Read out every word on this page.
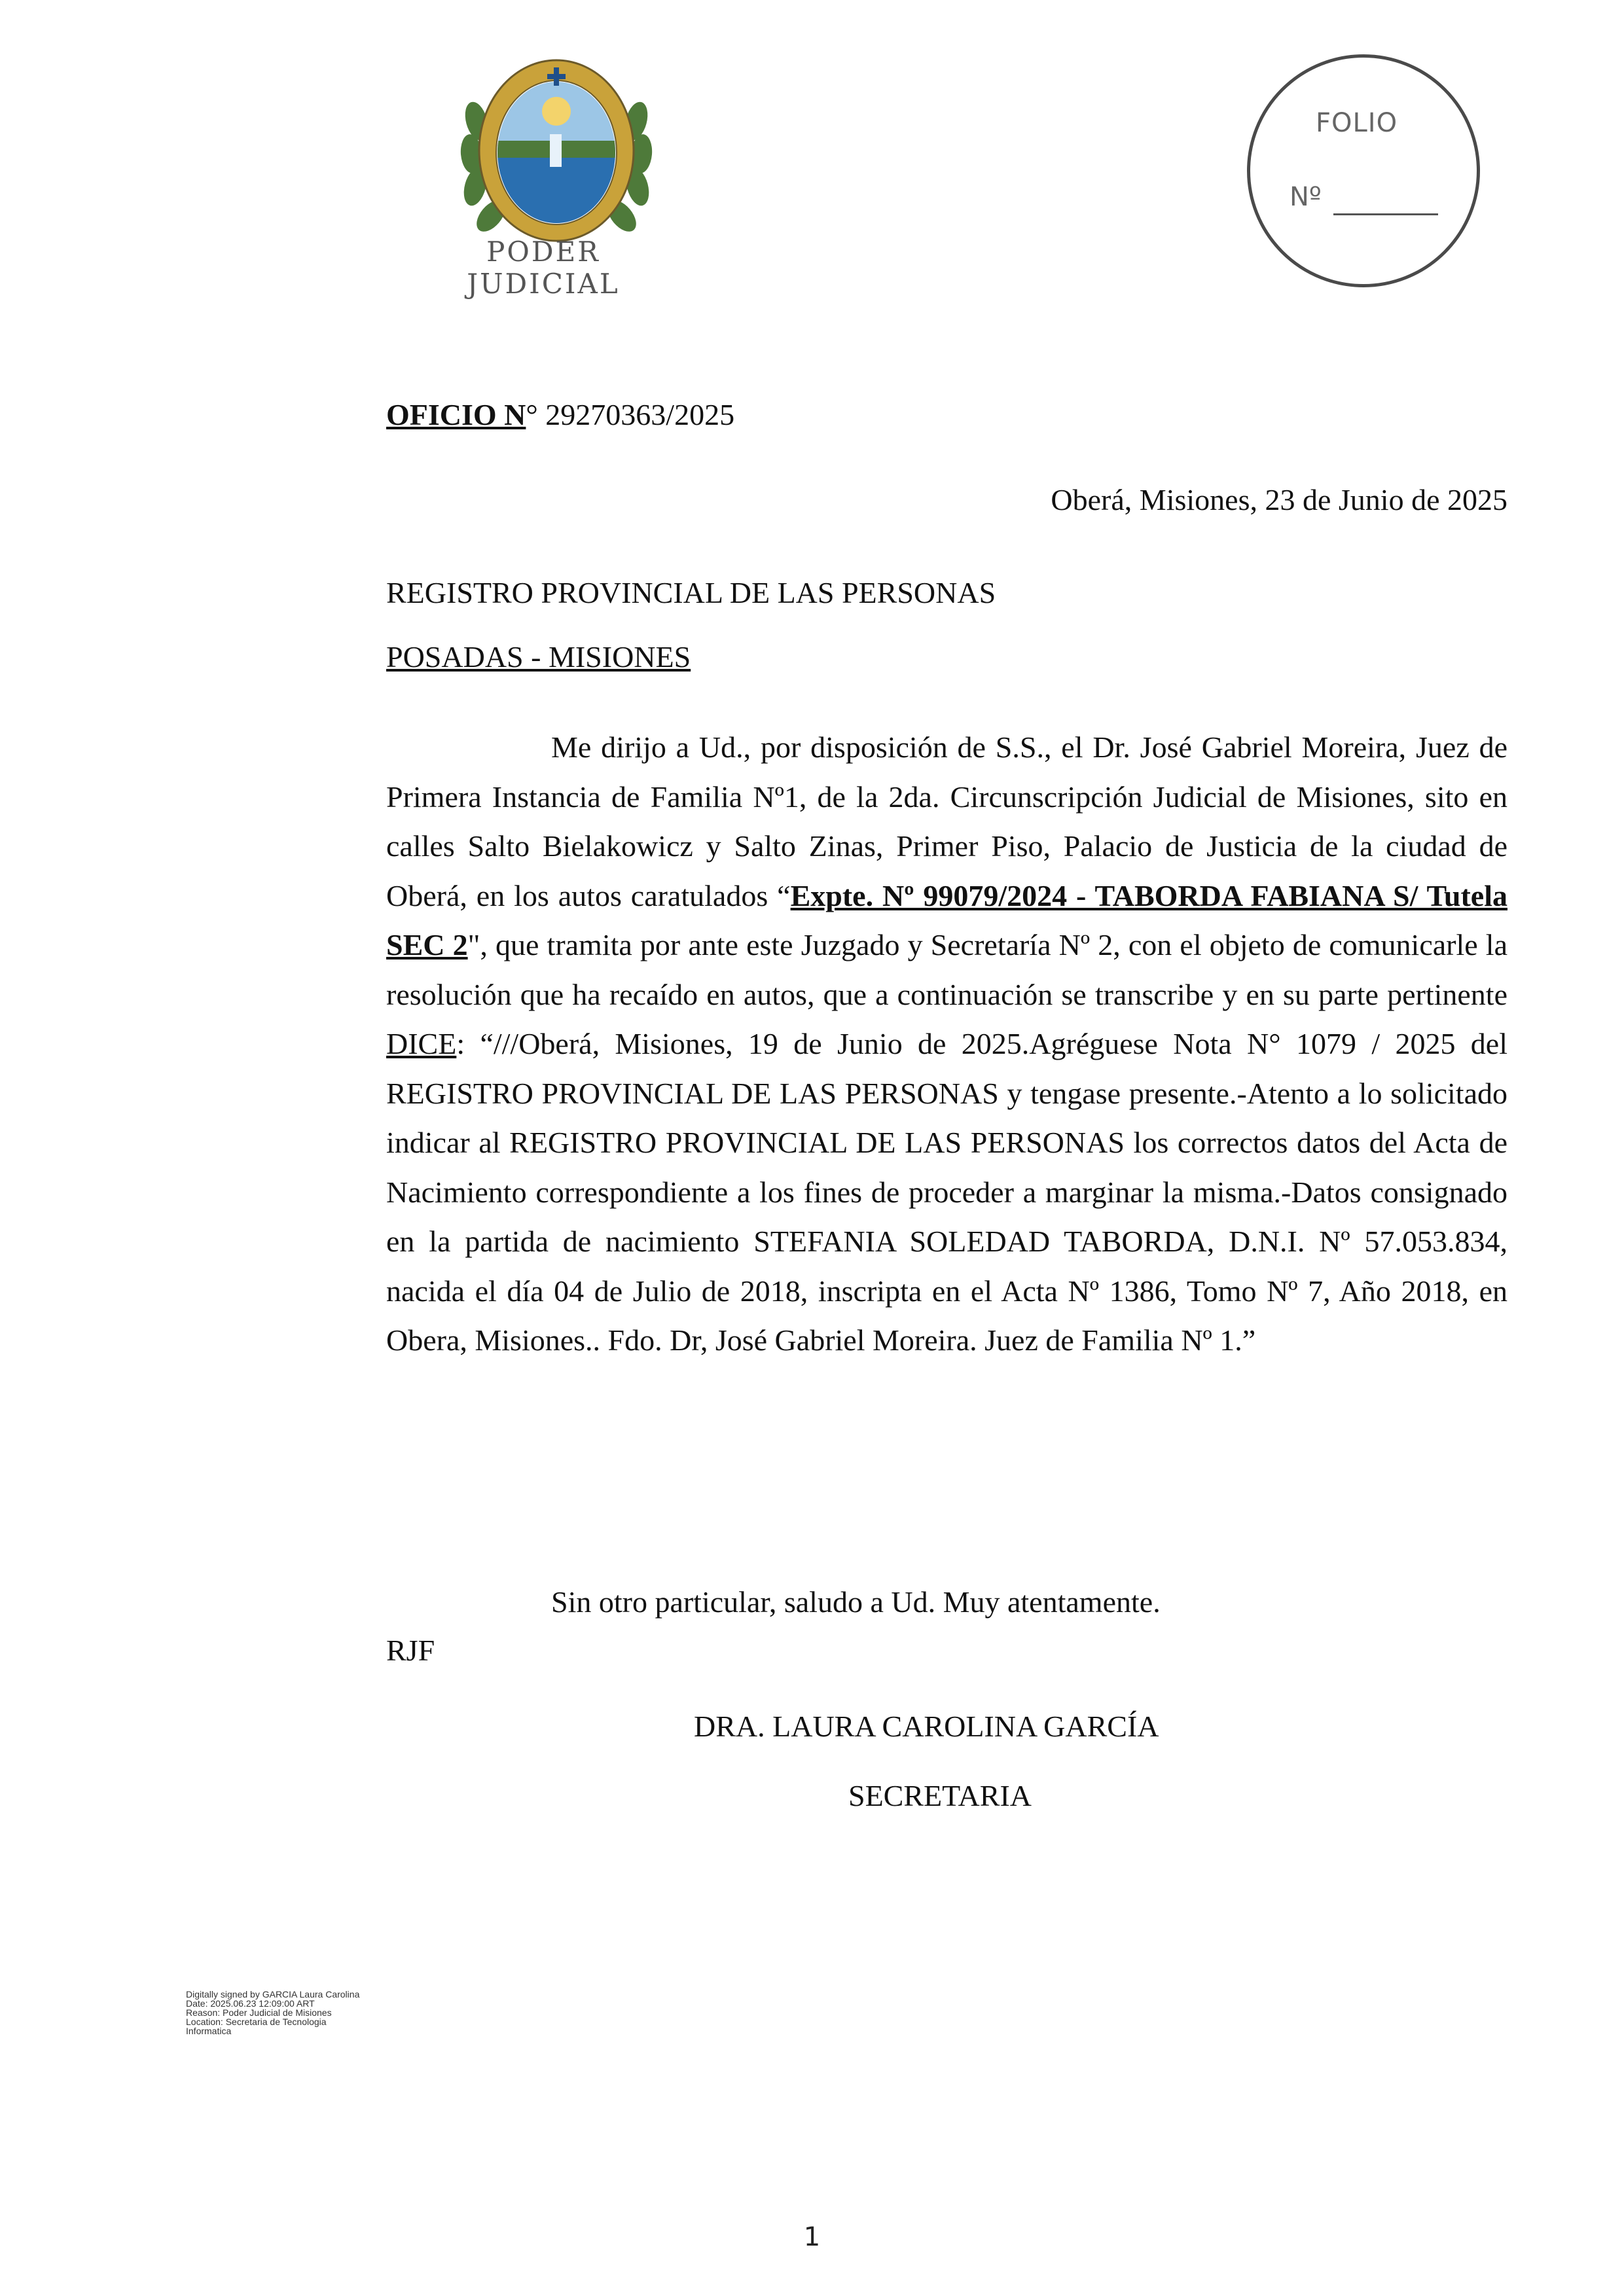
PODER JUDICIAL
FOLIO
Nº
OFICIO N° 29270363/2025
Oberá, Misiones, 23 de Junio de 2025
REGISTRO PROVINCIAL DE LAS PERSONAS
POSADAS - MISIONES

Me dirijo a Ud., por disposición de S.S., el Dr. José Gabriel Moreira, Juez de Primera Instancia de Familia Nº1, de la 2da. Circunscripción Judicial de Misiones, sito en calles Salto Bielakowicz y Salto Zinas, Primer Piso, Palacio de Justicia de la ciudad de Oberá, en los autos caratulados “Expte. Nº 99079/2024 - TABORDA FABIANA S/ Tutela SEC 2", que tramita por ante este Juzgado y Secretaría Nº 2, con el objeto de comunicarle la resolución que ha recaído en autos, que a continuación se transcribe y en su parte pertinente DICE: “///Oberá, Misiones, 19 de Junio de 2025.Agréguese Nota N° 1079 / 2025 del REGISTRO PROVINCIAL DE LAS PERSONAS y tengase presente.-Atento a lo solicitado indicar al REGISTRO PROVINCIAL DE LAS PERSONAS los correctos datos del Acta de Nacimiento correspondiente a los fines de proceder a marginar la misma.-Datos consignado en la partida de nacimiento STEFANIA SOLEDAD TABORDA, D.N.I. Nº 57.053.834, nacida el día 04 de Julio de 2018, inscripta en el Acta Nº 1386, Tomo Nº 7, Año 2018, en Obera, Misiones.. Fdo. Dr, José Gabriel Moreira. Juez de Familia Nº 1.”

Sin otro particular, saludo a Ud. Muy atentamente.
RJF
DRA. LAURA CAROLINA GARCÍA
SECRETARIA
Digitally signed by GARCIA Laura Carolina
Date: 2025.06.23 12:09:00 ART
Reason: Poder Judicial de Misiones
Location: Secretaria de Tecnologia
Informatica
1
